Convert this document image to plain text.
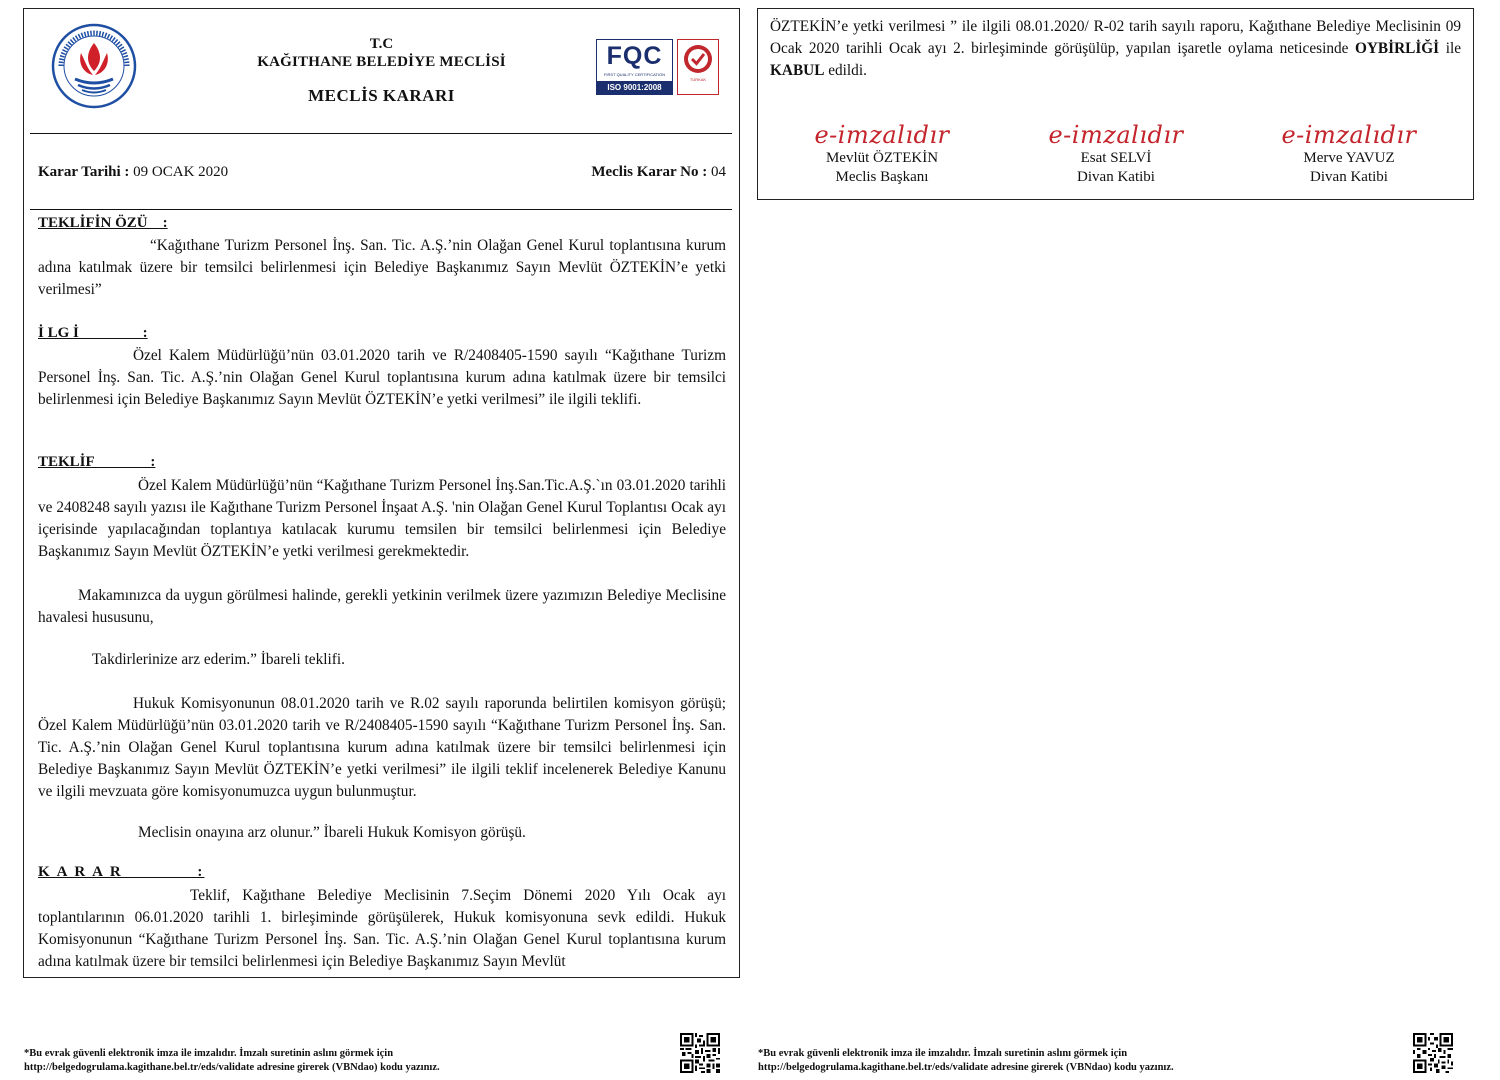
T.C
KAĞITHANE BELEDİYE MECLİSİ
MECLİS KARARI
FQC
FIRST QUALITY CERTIFICATION
ISO 9001:2008
TÜRKAK
Karar Tarihi : 09 OCAK 2020	Meclis Karar No : 04
TEKLİFİN ÖZÜ    :

“Kağıthane Turizm Personel İnş. San. Tic. A.Ş.’nin Olağan Genel Kurul toplantısına kurum adına katılmak üzere bir temsilci belirlenmesi için Belediye Başkanımız Sayın Mevlüt ÖZTEKİN’e yetki verilmesi”

İ LG İ                 :

Özel Kalem Müdürlüğü’nün 03.01.2020 tarih ve R/2408405-1590 sayılı “Kağıthane Turizm Personel İnş. San. Tic. A.Ş.’nin Olağan Genel Kurul toplantısına kurum adına katılmak üzere bir temsilci belirlenmesi için Belediye Başkanımız Sayın Mevlüt ÖZTEKİN’e yetki verilmesi” ile ilgili teklifi.

TEKLİF               :

Özel Kalem Müdürlüğü’nün “Kağıthane Turizm Personel İnş.San.Tic.A.Ş.`ın 03.01.2020 tarihli ve 2408248 sayılı yazısı ile Kağıthane Turizm Personel İnşaat A.Ş. 'nin Olağan Genel Kurul Toplantısı Ocak ayı içerisinde yapılacağından toplantıya katılacak kurumu temsilen bir temsilci belirlenmesi için Belediye Başkanımız Sayın Mevlüt ÖZTEKİN’e yetki verilmesi gerekmektedir.

Makamınızca da uygun görülmesi halinde, gerekli yetkinin verilmek üzere yazımızın Belediye Meclisine havalesi hususunu,

Takdirlerinize arz ederim.” İbareli teklifi.

Hukuk Komisyonunun 08.01.2020 tarih ve R.02 sayılı raporunda belirtilen komisyon görüşü; Özel Kalem Müdürlüğü’nün 03.01.2020 tarih ve R/2408405-1590 sayılı “Kağıthane Turizm Personel İnş. San. Tic. A.Ş.’nin Olağan Genel Kurul toplantısına kurum adına katılmak üzere bir temsilci belirlenmesi için Belediye Başkanımız Sayın Mevlüt ÖZTEKİN’e yetki verilmesi” ile ilgili teklif incelenerek Belediye Kanunu ve ilgili mevzuata göre komisyonumuzca uygun bulunmuştur.

Meclisin onayına arz olunur.” İbareli Hukuk Komisyon görüşü.

K A R A R             :

Teklif, Kağıthane Belediye Meclisinin 7.Seçim Dönemi 2020 Yılı Ocak ayı toplantılarının 06.01.2020 tarihli 1. birleşiminde görüşülerek, Hukuk komisyonuna sevk edildi. Hukuk Komisyonunun “Kağıthane Turizm Personel İnş. San. Tic. A.Ş.’nin Olağan Genel Kurul toplantısına kurum adına katılmak üzere bir temsilci belirlenmesi için Belediye Başkanımız Sayın Mevlüt

ÖZTEKİN’e yetki verilmesi ” ile ilgili 08.01.2020/ R-02 tarih sayılı raporu, Kağıthane Belediye Meclisinin 09 Ocak 2020 tarihli Ocak ayı 2. birleşiminde görüşülüp, yapılan işaretle oylama neticesinde OYBİRLİĞİ ile KABUL edildi.
e-imzalıdır
Mevlüt ÖZTEKİN
Meclis Başkanı
e-imzalıdır
Esat SELVİ
Divan Katibi
e-imzalıdır
Merve YAVUZ
Divan Katibi
*Bu evrak güvenli elektronik imza ile imzalıdır. İmzalı suretinin aslını görmek için
http://belgedogrulama.kagithane.bel.tr/eds/validate adresine girerek (VBNdao) kodu yazınız.
*Bu evrak güvenli elektronik imza ile imzalıdır. İmzalı suretinin aslını görmek için
http://belgedogrulama.kagithane.bel.tr/eds/validate adresine girerek (VBNdao) kodu yazınız.
